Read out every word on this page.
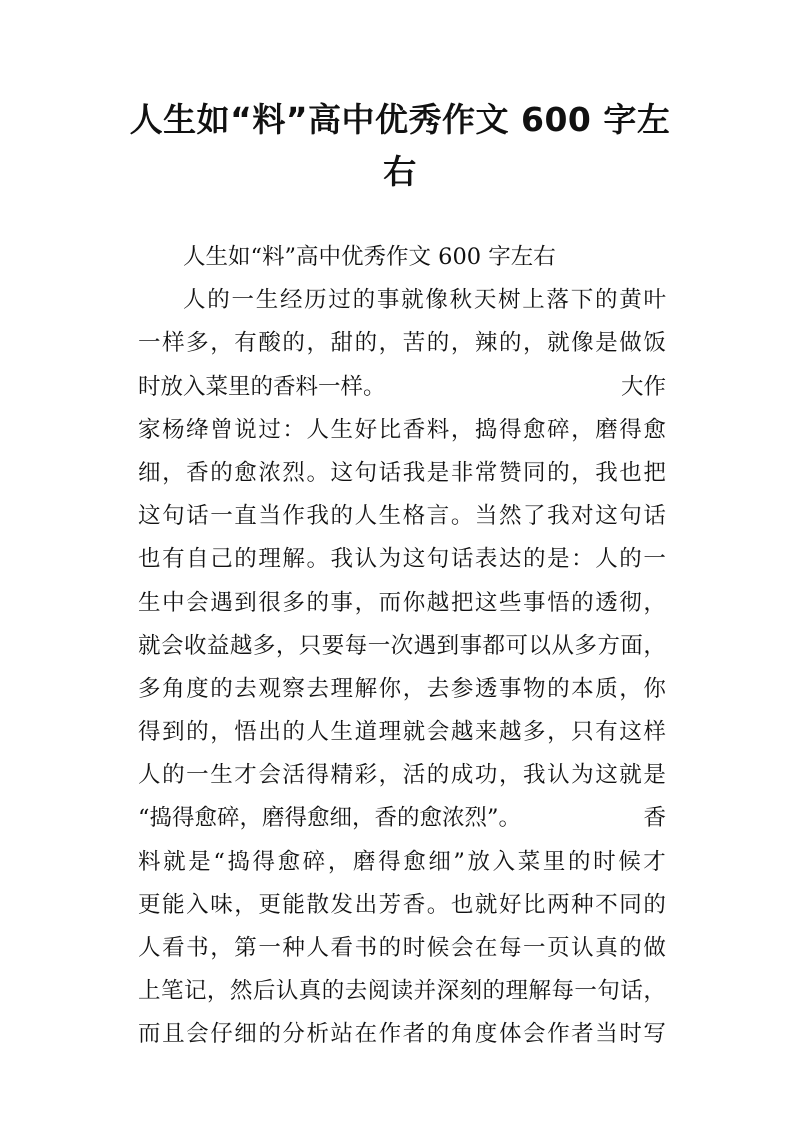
人生如“料”高中优秀作文 600 字左
右
人生如“料”高中优秀作文 600 字左右
人 的 一 生 经 历 过 的 事 就 像 秋 天 树 上 落 下 的 黄 叶
一 样 多 ， 有 酸 的 ， 甜 的 ， 苦 的 ， 辣 的 ， 就 像 是 做 饭
时放入菜里的香料一样。	大作
家 杨 绛 曾 说 过 ： 人 生 好 比 香 料 ， 捣 得 愈 碎 ， 磨 得 愈
细 ， 香 的 愈 浓 烈 。 这 句 话 我 是 非 常 赞 同 的 ， 我 也 把
这 句 话 一 直 当 作 我 的 人 生 格 言 。 当 然 了 我 对 这 句 话
也 有 自 己 的 理 解 。 我 认 为 这 句 话 表 达 的 是 ： 人 的 一
生 中 会 遇 到 很 多 的 事 ， 而 你 越 把 这 些 事 悟 的 透 彻 ，
就 会 收 益 越 多 ， 只 要 每 一 次 遇 到 事 都 可 以 从 多 方 面 ，
多 角 度 的 去 观 察 去 理 解 你 ， 去 参 透 事 物 的 本 质 ， 你
得 到 的 ， 悟 出 的 人 生 道 理 就 会 越 来 越 多 ， 只 有 这 样
人 的 一 生 才 会 活 得 精 彩 ， 活 的 成 功 ， 我 认 为 这 就 是
“捣得愈碎，磨得愈细，香的愈浓烈”。	香
料 就 是 “ 捣 得 愈 碎 ， 磨 得 愈 细 ” 放 入 菜 里 的 时 候 才
更 能 入 味 ， 更 能 散 发 出 芳 香 。 也 就 好 比 两 种 不 同 的
人 看 书 ， 第 一 种 人 看 书 的 时 候 会 在 每 一 页 认 真 的 做
上 笔 记 ， 然 后 认 真 的 去 阅 读 并 深 刻 的 理 解 每 一 句 话 ，
而 且 会 仔 细 的 分 析 站 在 作 者 的 角 度 体 会 作 者 当 时 写
